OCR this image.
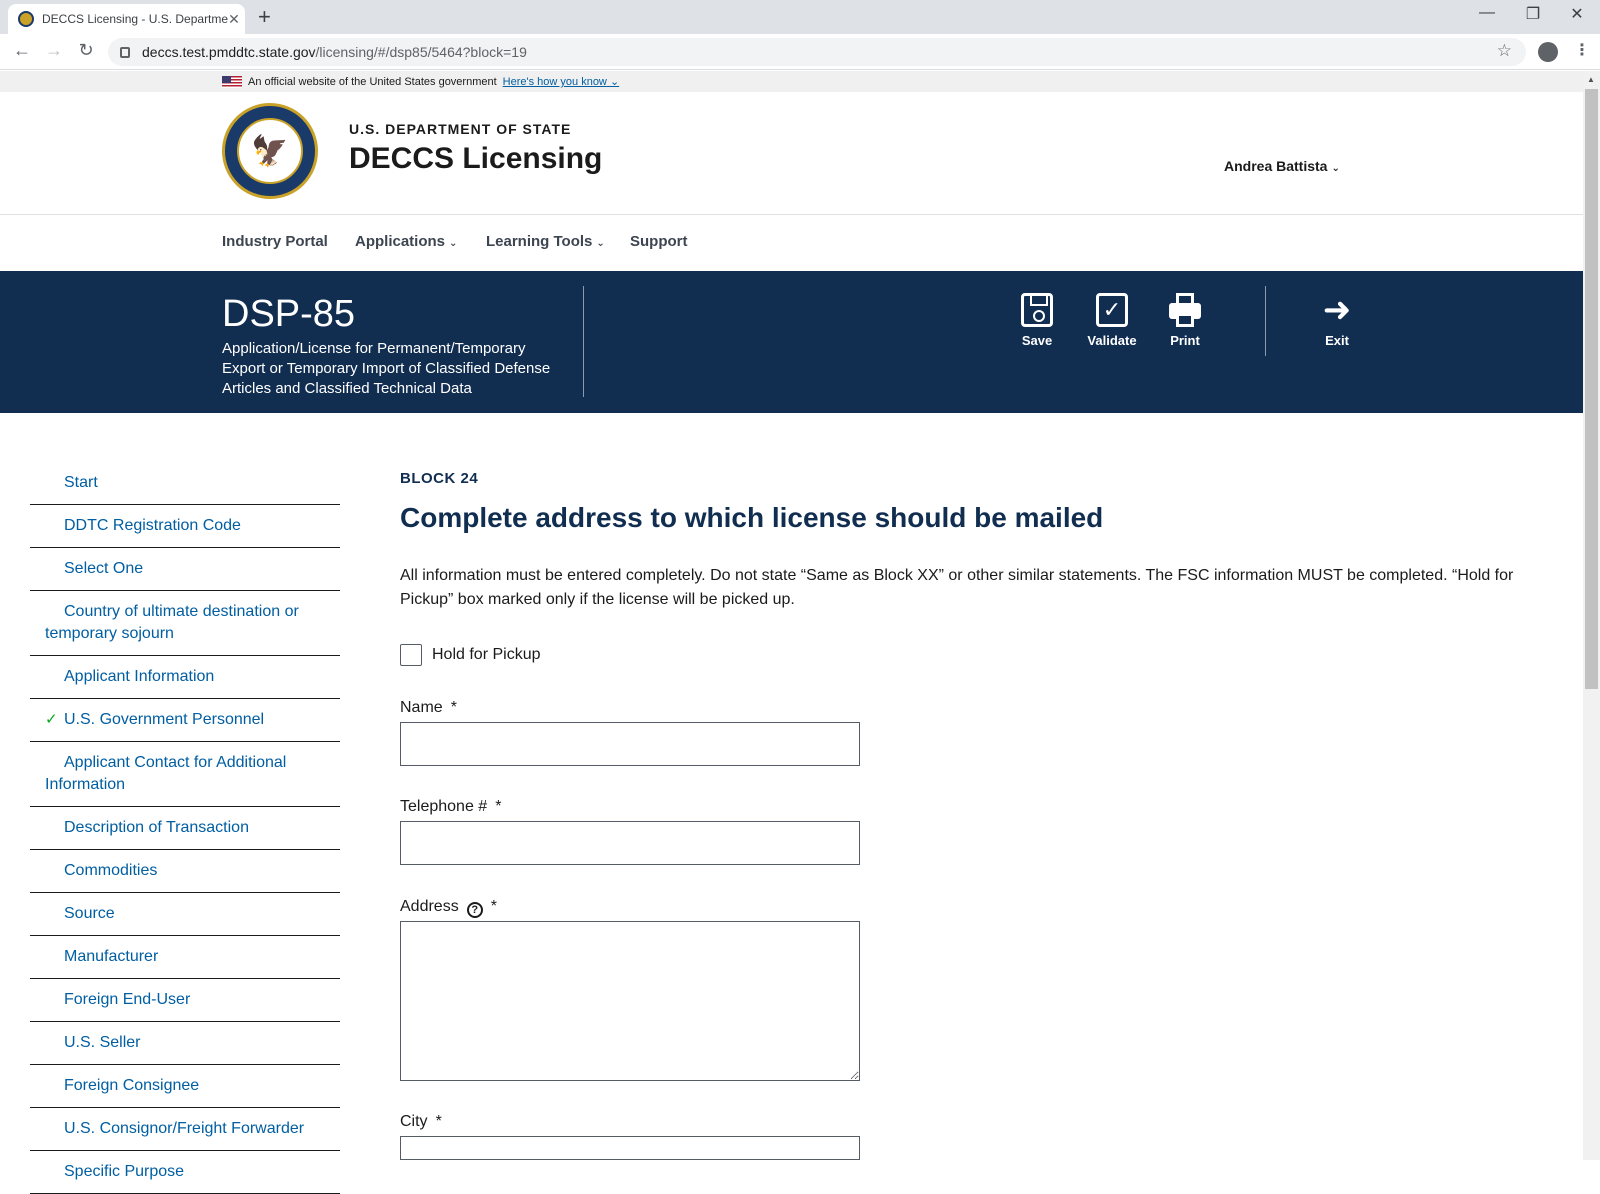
DECCS Licensing - U.S. Departme ✕ +	—	❐	✕
← → ↻	deccs.test.pmddtc.state.gov /licensing/#/dsp85/5464?block=19	☆	⋮
▲
An official website of the United States government Here's how you know ⌄
🦅
U.S. DEPARTMENT OF STATE
DECCS Licensing	Andrea Battista ⌄
Industry Portal Applications ⌄ Learning Tools ⌄ Support
DSP-85
Application/License for Permanent/Temporary Export or Temporary Import of Classified Defense Articles and Classified Technical Data
Save
✓
Validate	Print
➜
Exit
Start
DDTC Registration Code
Select One
Country of ultimate destination or temporary sojourn
Applicant Information
✓ U.S. Government Personnel
Applicant Contact for Additional Information
Description of Transaction
Commodities
Source
Manufacturer
Foreign End-User
U.S. Seller
Foreign Consignee
U.S. Consignor/Freight Forwarder
Specific Purpose
BLOCK 24
Complete address to which license should be mailed
All information must be entered completely. Do not state “Same as Block XX” or other similar statements. The FSC information MUST be completed. “Hold for Pickup” box marked only if the license will be picked up.
Hold for Pickup
Name *
Telephone # *
Address ? *
City *
